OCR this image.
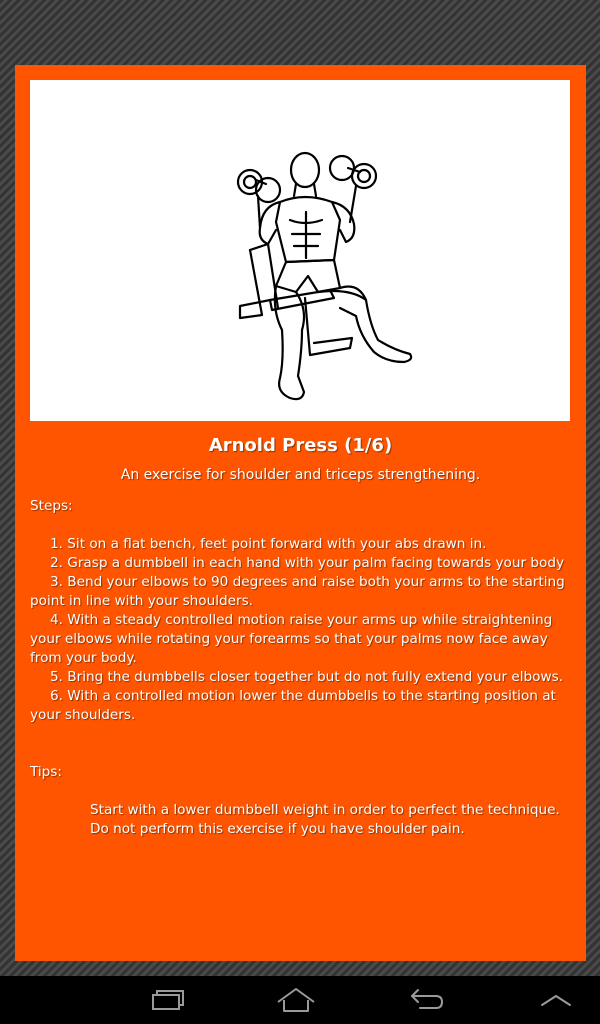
Arnold Press (1/6)
An exercise for shoulder and triceps strengthening.

Steps:

1. Sit on a flat bench, feet point forward with your abs drawn in.

2. Grasp a dumbbell in each hand with your palm facing towards your body

3. Bend your elbows to 90 degrees and raise both your arms to the starting point in line with your shoulders.

4. With a steady controlled motion raise your arms up while straightening your elbows while rotating your forearms so that your palms now face away from your body.

5. Bring the dumbbells closer together but do not fully extend your elbows.

6. With a controlled motion lower the dumbbells to the starting position at your shoulders.

Tips:

Start with a lower dumbbell weight in order to perfect the technique.

Do not perform this exercise if you have shoulder pain.
